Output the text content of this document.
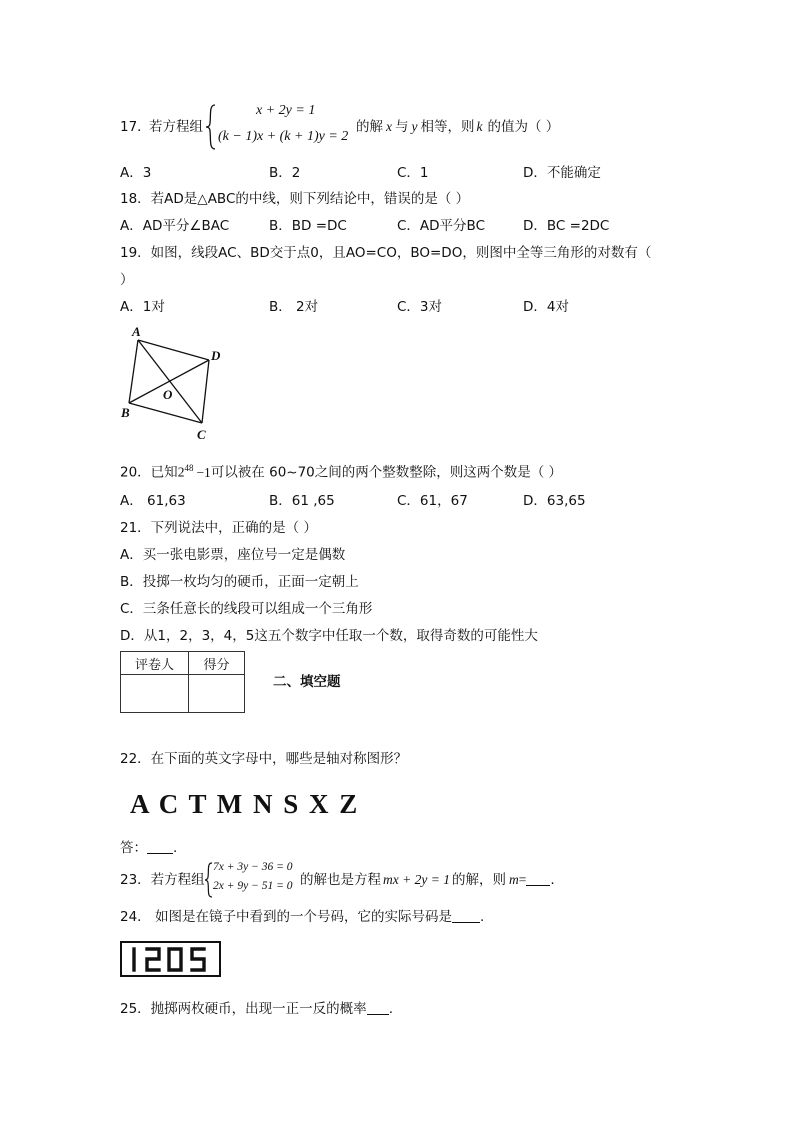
17．
若方程组
x + 2y = 1
(k − 1)x + (k + 1)y = 2
的解 x 与 y 相等，则 k 的值为（ ）
A．3	B．2	C．1	D．不能确定
18．若AD是△ABC的中线，则下列结论中，错误的是（ ）
A．AD平分∠BAC	B．BD =DC	C．AD平分BC	D．BC =2DC
19．如图，线段AC、BD交于点0，且AO=CO，BO=DO，则图中全等三角形的对数有（
）
A．1对	B． 2对	C．3对	D．4对
A
D
B
C
O
20．已知$2^{48} -1$可以被在 60~70之间的两个整数整除，则这两个数是（ ）
A． 61,63	B．61 ,65	C．61，67	D．63,65
21．下列说法中，正确的是（ ）
A．买一张电影票，座位号一定是偶数
B．投掷一枚均匀的硬币，正面一定朝上
C．三条任意长的线段可以组成一个三角形
D．从1，2，3，4，5这五个数字中任取一个数，取得奇数的可能性大
评卷人	得分

二、填空题
22．在下面的英文字母中，哪些是轴对称图形？
A C T M N S X Z
答： .
23．若方程组
7x + 3y − 36 = 0
2x + 9y − 51 = 0 的解也是方程 mx + 2y = 1 的解，则 m= .
24． 如图是在镜子中看到的一个号码，它的实际号码是 .
25．抛掷两枚硬币，出现一正一反的概率 .
